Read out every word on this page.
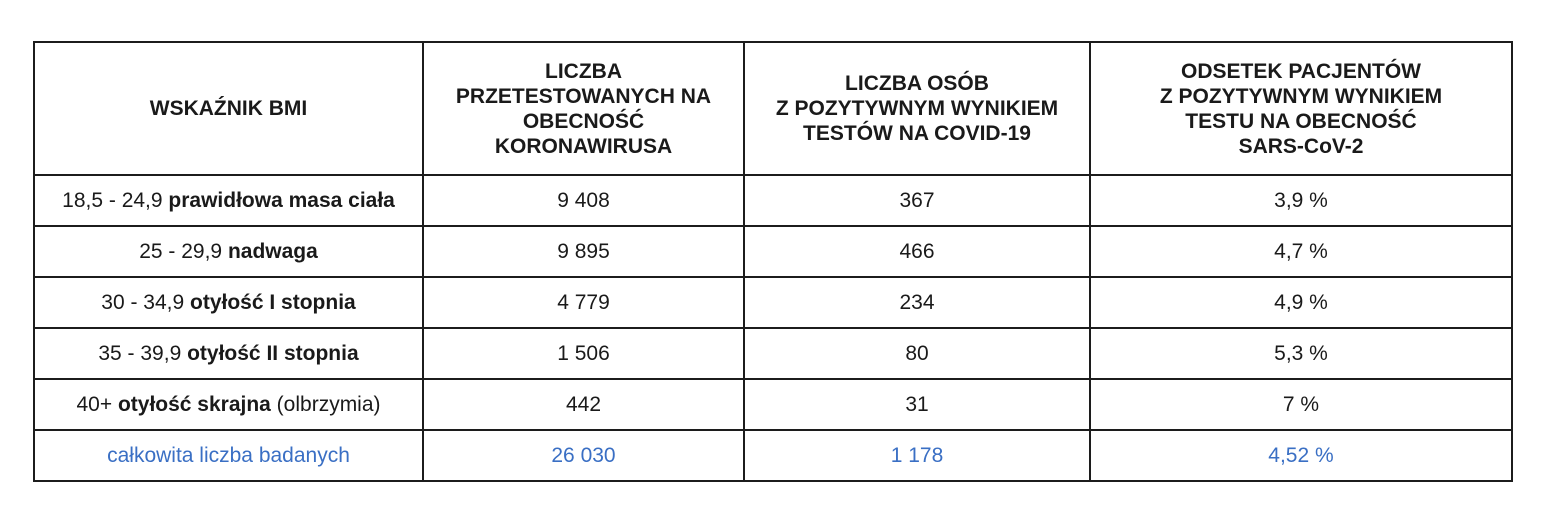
WSKAŹNIK BMI	LICZBA
PRZETESTOWANYCH NA
OBECNOŚĆ
KORONAWIRUSA	LICZBA OSÓB
Z POZYTYWNYM WYNIKIEM
TESTÓW NA COVID-19	ODSETEK PACJENTÓW
Z POZYTYWNYM WYNIKIEM
TESTU NA OBECNOŚĆ
SARS-CoV-2
18,5 - 24,9 prawidłowa masa ciała	9 408	367	3,9 %
25 - 29,9 nadwaga	9 895	466	4,7 %
30 - 34,9 otyłość I stopnia	4 779	234	4,9 %
35 - 39,9 otyłość II stopnia	1 506	80	5,3 %
40+ otyłość skrajna (olbrzymia)	442	31	7 %
całkowita liczba badanych	26 030	1 178	4,52 %
